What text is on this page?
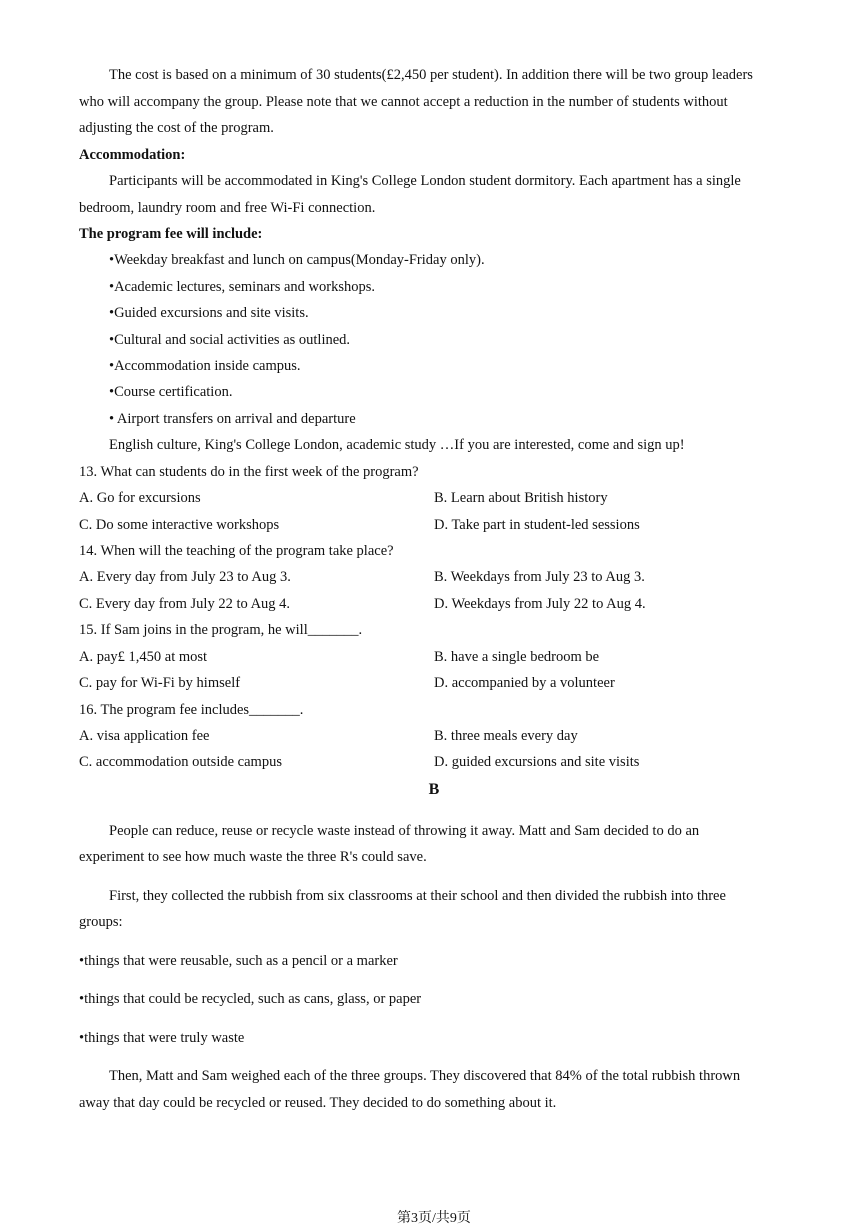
The cost is based on a minimum of 30 students(£2,450 per student). In addition there will be two group leaders
who will accompany the group. Please note that we cannot accept a reduction in the number of students without
adjusting the cost of the program.
Accommodation:
Participants will be accommodated in King's College London student dormitory. Each apartment has a single
bedroom, laundry room and free Wi-Fi connection.
The program fee will include:
•Weekday breakfast and lunch on campus(Monday-Friday only).
•Academic lectures, seminars and workshops.
•Guided excursions and site visits.
•Cultural and social activities as outlined.
•Accommodation inside campus.
•Course certification.
• Airport transfers on arrival and departure
English culture, King's College London, academic study …If you are interested, come and sign up!
13. What can students do in the first week of the program?
A. Go for excursions	B. Learn about British history
C. Do some interactive workshops	D. Take part in student-led sessions
14. When will the teaching of the program take place?
A. Every day from July 23 to Aug 3.	B. Weekdays from July 23 to Aug 3.
C. Every day from July 22 to Aug 4.	D. Weekdays from July 22 to Aug 4.
15. If Sam joins in the program, he will_______.
A. pay£ 1,450 at most	B. have a single bedroom be
C. pay for Wi-Fi by himself	D. accompanied by a volunteer
16. The program fee includes_______.
A. visa application fee	B. three meals every day
C. accommodation outside campus	D. guided excursions and site visits
B
People can reduce, reuse or recycle waste instead of throwing it away. Matt and Sam decided to do an
experiment to see how much waste the three R's could save.
First, they collected the rubbish from six classrooms at their school and then divided the rubbish into three
groups:
•things that were reusable, such as a pencil or a marker
•things that could be recycled, such as cans, glass, or paper
•things that were truly waste
Then, Matt and Sam weighed each of the three groups. They discovered that 84% of the total rubbish thrown
away that day could be recycled or reused. They decided to do something about it.
第3页/共9页
